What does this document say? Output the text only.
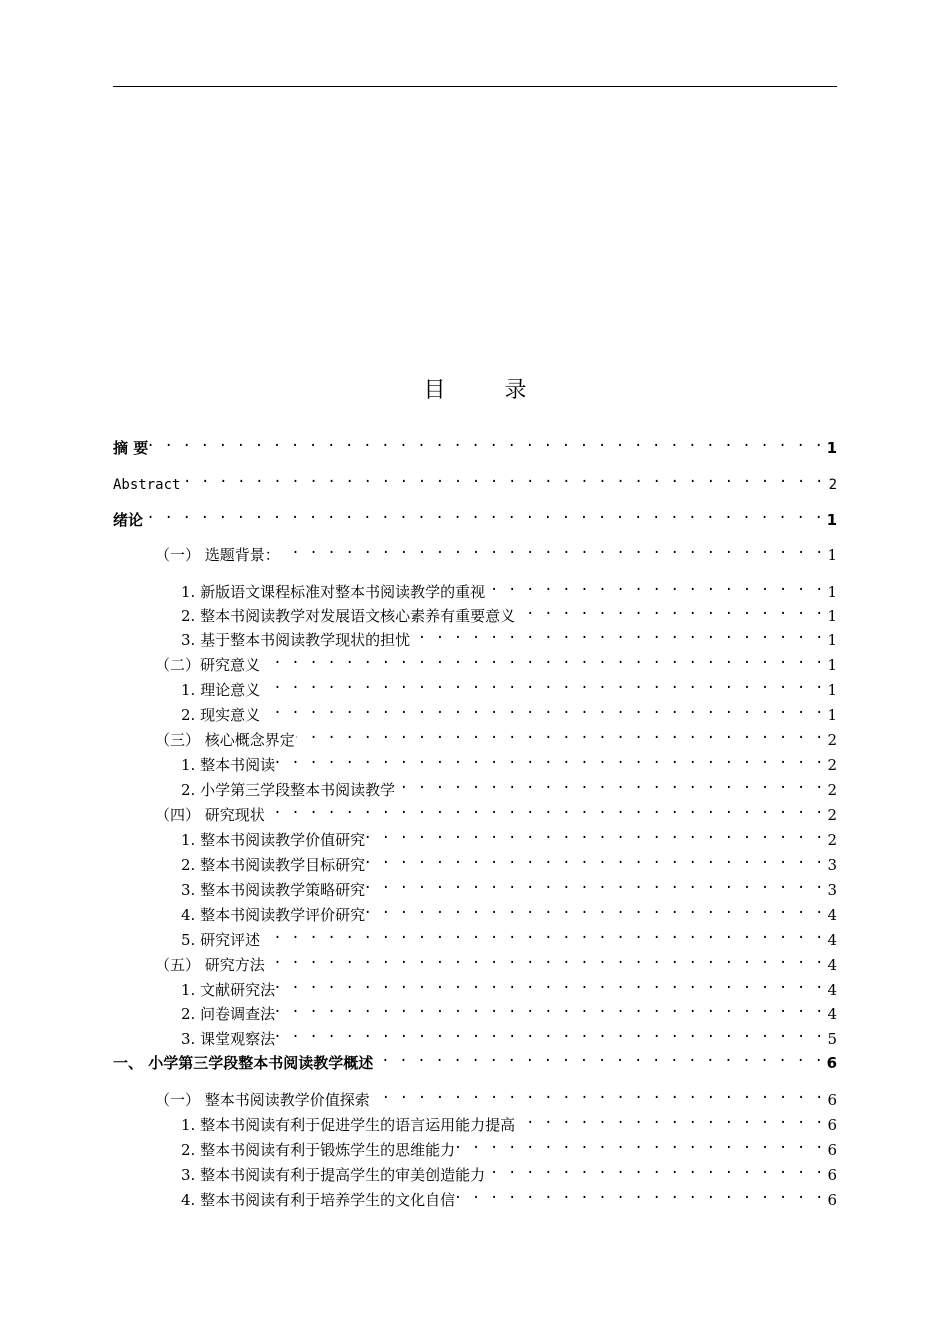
目 录
摘 要 . . .	1
Abstract . . .	2
绪论 . . .	1
（一） 选题背景： . . .	1
1. 新版语文课程标准对整本书阅读教学的重视 . . .	1
2. 整本书阅读教学对发展语文核心素养有重要意义 . . .	1
3. 基于整本书阅读教学现状的担忧 . . .	1
（二）研究意义 . . .	1
1. 理论意义 . . .	1
2. 现实意义 . . .	1
（三） 核心概念界定 . . .	2
1. 整本书阅读 . . .	2
2. 小学第三学段整本书阅读教学 . . .	2
（四） 研究现状 . . .	2
1. 整本书阅读教学价值研究 . . .	2
2. 整本书阅读教学目标研究 . . .	3
3. 整本书阅读教学策略研究 . . .	3
4. 整本书阅读教学评价研究 . . .	4
5. 研究评述 . . .	4
（五） 研究方法 . . .	4
1. 文献研究法 . . .	4
2. 问卷调查法 . . .	4
3. 课堂观察法 . . .	5
一、 小学第三学段整本书阅读教学概述 . . .	6
（一） 整本书阅读教学价值探索 . . .	6
1. 整本书阅读有利于促进学生的语言运用能力提高 . . .	6
2. 整本书阅读有利于锻炼学生的思维能力 . . .	6
3. 整本书阅读有利于提高学生的审美创造能力 . . .	6
4. 整本书阅读有利于培养学生的文化自信 . . .	6
